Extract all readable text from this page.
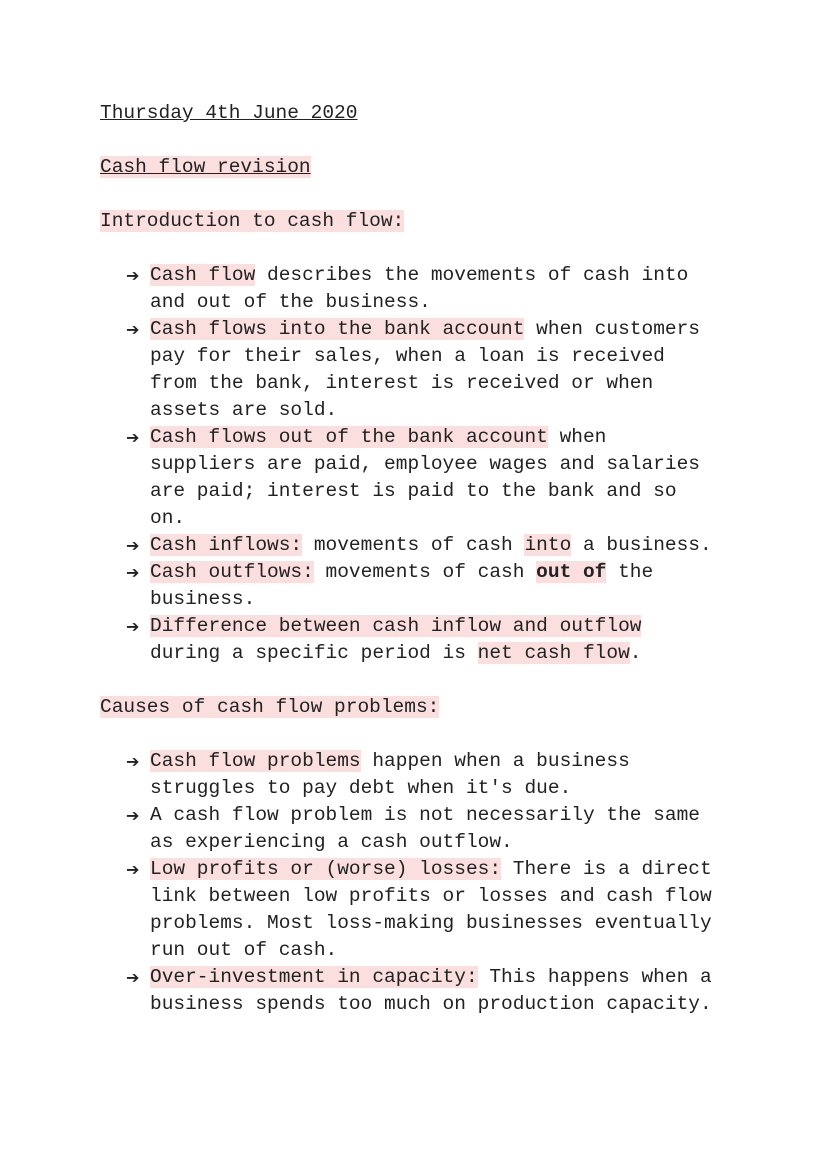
Thursday 4th June 2020
Cash flow revision
Introduction to cash flow:
➔ Cash flow describes the movements of cash into and out of the business.
➔ Cash flows into the bank account when customers pay for their sales, when a loan is received from the bank, interest is received or when assets are sold.
➔ Cash flows out of the bank account when suppliers are paid, employee wages and salaries are paid; interest is paid to the bank and so on.
➔ Cash inflows: movements of cash into a business.
➔ Cash outflows: movements of cash out of the business.
➔ Difference between cash inflow and outflow during a specific period is net cash flow.
Causes of cash flow problems:
➔ Cash flow problems happen when a business struggles to pay debt when it's due.
➔ A cash flow problem is not necessarily the same as experiencing a cash outflow.
➔ Low profits or (worse) losses: There is a direct link between low profits or losses and cash flow problems. Most loss-making businesses eventually run out of cash.
➔ Over-investment in capacity: This happens when a business spends too much on production capacity.
